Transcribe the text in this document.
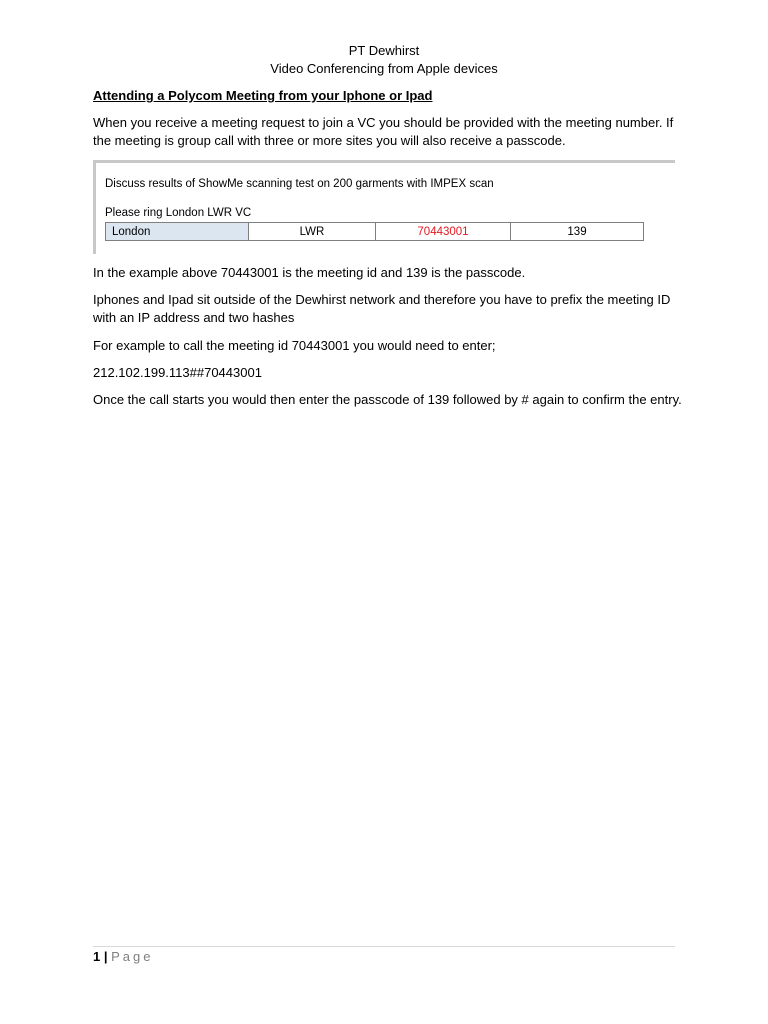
PT Dewhirst
Video Conferencing from Apple devices
Attending a Polycom Meeting from your Iphone or Ipad
When you receive a meeting request to join a VC you should be provided with the meeting number. If the meeting is group call with three or more sites you will also receive a passcode.
Discuss results of ShowMe scanning test on 200 garments with IMPEX scan
Please ring London LWR VC
London	LWR	70443001	139
In the example above 70443001 is the meeting id and 139 is the passcode.
Iphones and Ipad sit outside of the Dewhirst network and therefore you have to prefix the meeting ID with an IP address and two hashes
For example to call the meeting id 70443001 you would need to enter;
212.102.199.113##70443001
Once the call starts you would then enter the passcode of 139 followed by # again to confirm the entry.
1 | Page
